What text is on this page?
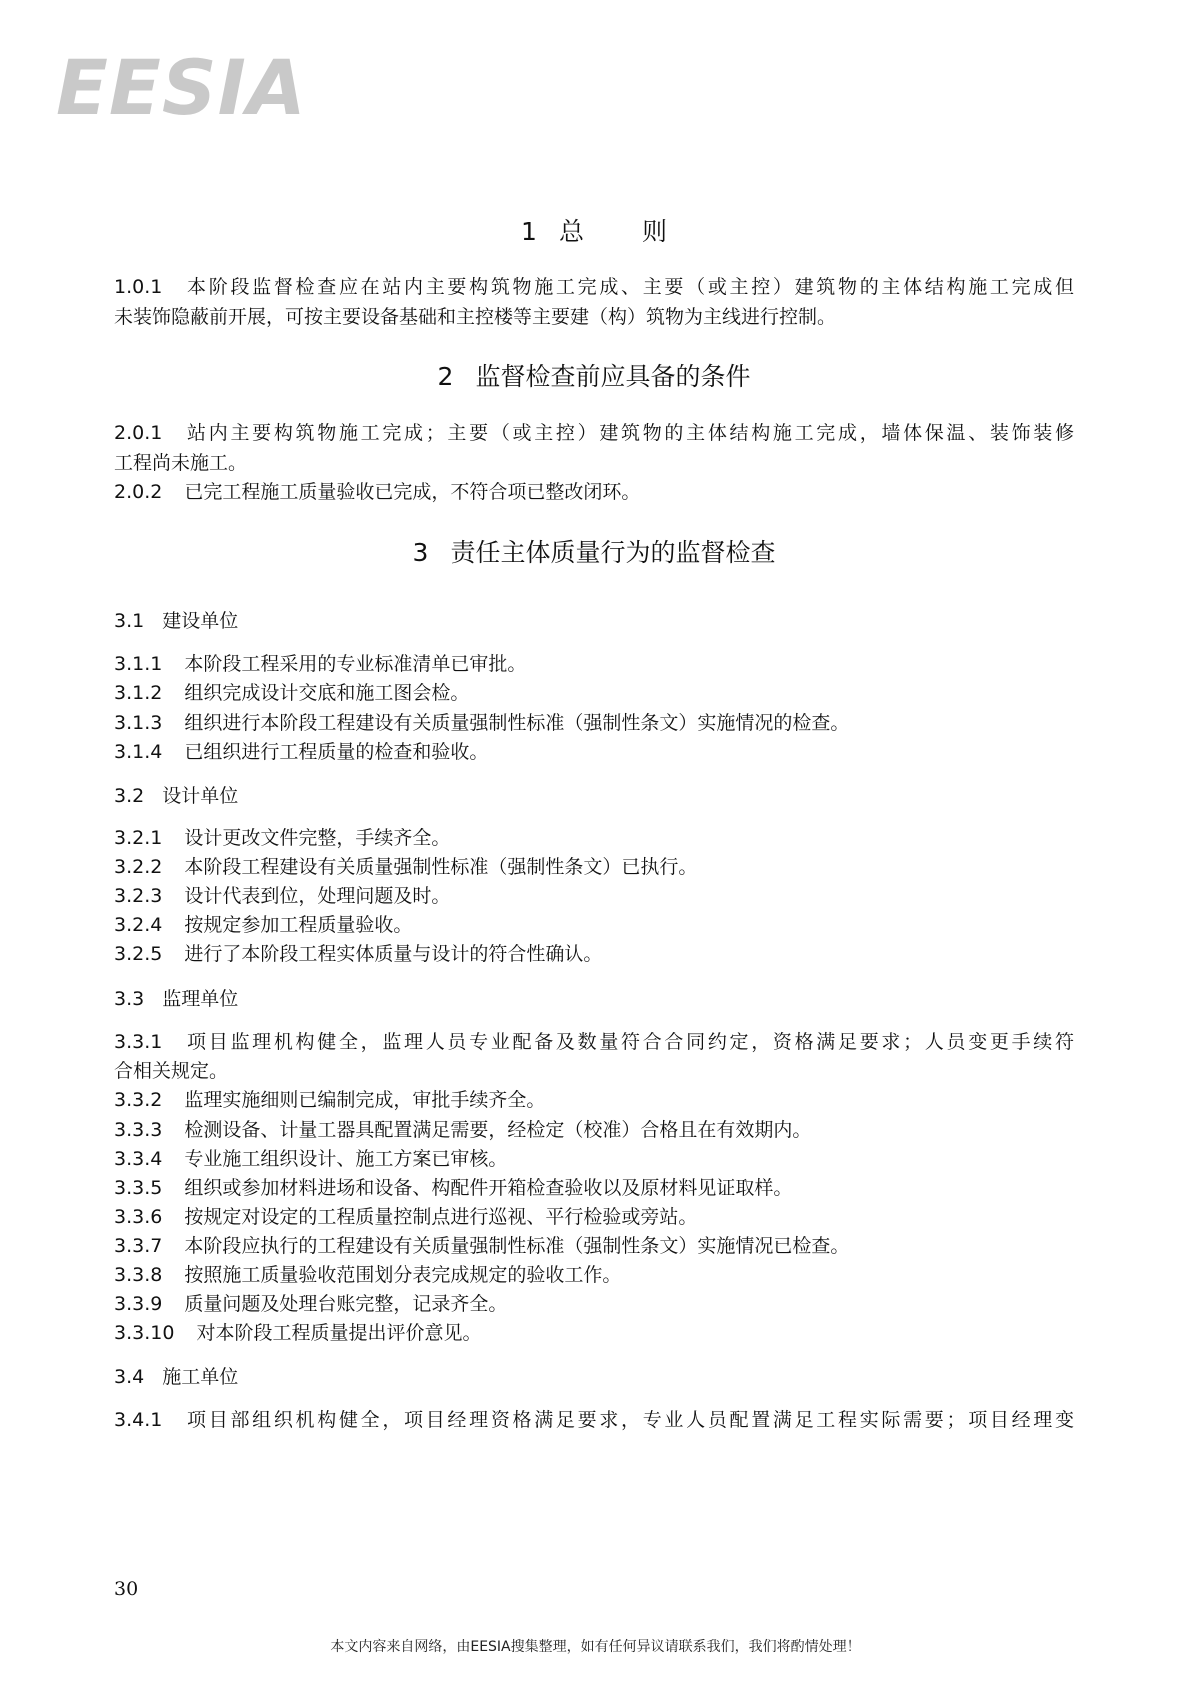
EESIA
1 总 则
1.0.1 本阶段监督检查应在站内主要构筑物施工完成、主要（或主控）建筑物的主体结构施工完成但
未装饰隐蔽前开展，可按主要设备基础和主控楼等主要建（构）筑物为主线进行控制。
2 监督检查前应具备的条件
2.0.1 站内主要构筑物施工完成；主要（或主控）建筑物的主体结构施工完成，墙体保温、装饰装修
工程尚未施工。
2.0.2 已完工程施工质量验收已完成，不符合项已整改闭环。
3 责任主体质量行为的监督检查
3.1 建设单位
3.1.1 本阶段工程采用的专业标准清单已审批。
3.1.2 组织完成设计交底和施工图会检。
3.1.3 组织进行本阶段工程建设有关质量强制性标准（强制性条文）实施情况的检查。
3.1.4 已组织进行工程质量的检查和验收。
3.2 设计单位
3.2.1 设计更改文件完整，手续齐全。
3.2.2 本阶段工程建设有关质量强制性标准（强制性条文）已执行。
3.2.3 设计代表到位，处理问题及时。
3.2.4 按规定参加工程质量验收。
3.2.5 进行了本阶段工程实体质量与设计的符合性确认。
3.3 监理单位
3.3.1 项目监理机构健全，监理人员专业配备及数量符合合同约定，资格满足要求；人员变更手续符
合相关规定。
3.3.2 监理实施细则已编制完成，审批手续齐全。
3.3.3 检测设备、计量工器具配置满足需要，经检定（校准）合格且在有效期内。
3.3.4 专业施工组织设计、施工方案已审核。
3.3.5 组织或参加材料进场和设备、构配件开箱检查验收以及原材料见证取样。
3.3.6 按规定对设定的工程质量控制点进行巡视、平行检验或旁站。
3.3.7 本阶段应执行的工程建设有关质量强制性标准（强制性条文）实施情况已检查。
3.3.8 按照施工质量验收范围划分表完成规定的验收工作。
3.3.9 质量问题及处理台账完整，记录齐全。
3.3.10 对本阶段工程质量提出评价意见。
3.4 施工单位
3.4.1 项目部组织机构健全，项目经理资格满足要求，专业人员配置满足工程实际需要；项目经理变
30
本文内容来自网络，由EESIA搜集整理，如有任何异议请联系我们，我们将酌情处理！
